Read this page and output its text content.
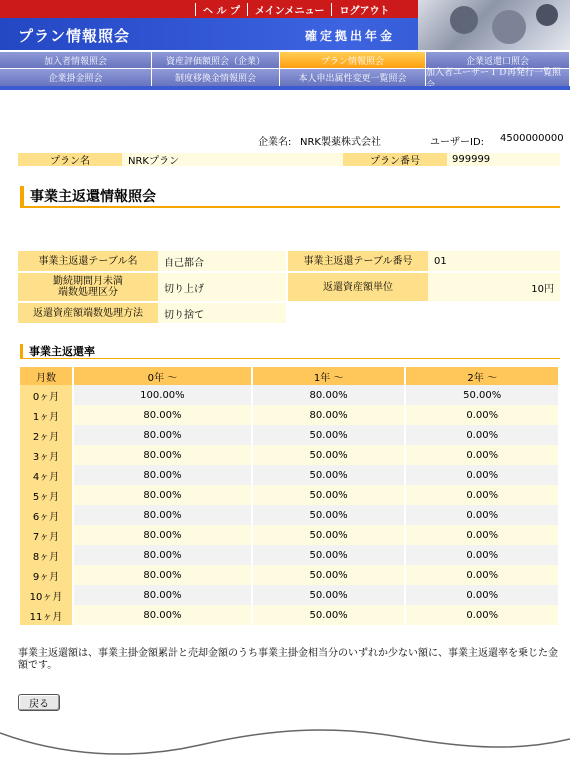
ヘ ル プ	メインメニュー	ログアウト
プラン情報照会	確定拠出年金
加入者情報照会	資産評価額照会（企業）	プラン情報照会	企業返還口照会
企業掛金照会	制度移換金情報照会	本人申出属性変更一覧照会
加入者ユーザーＩＤ再発行一覧照
企業名: NRK製薬株式会社	ユーザーID: 4500000000
プラン名	NRKプラン	プラン番号	999999
事業主返還情報照会
事業主返還テーブル名	自己都合	事業主返還テーブル番号	01
勤続期間月未満
端数処理区分	切り上げ	返還資産額単位	10円
返還資産額端数処理方法	切り捨て
事業主返還率
月数	0年 ～	1年 ～	2年 ～
0ヶ月	100.00%	80.00%	50.00%
1ヶ月	80.00%	80.00%	0.00%
2ヶ月	80.00%	50.00%	0.00%
3ヶ月	80.00%	50.00%	0.00%
4ヶ月	80.00%	50.00%	0.00%
5ヶ月	80.00%	50.00%	0.00%
6ヶ月	80.00%	50.00%	0.00%
7ヶ月	80.00%	50.00%	0.00%
8ヶ月	80.00%	50.00%	0.00%
9ヶ月	80.00%	50.00%	0.00%
10ヶ月	80.00%	50.00%	0.00%
11ヶ月	80.00%	50.00%	0.00%
事業主返還額は、事業主掛金額累計と売却金額のうち事業主掛金相当分のいずれか少ない額に、事業主返還率を乗じた金額です。
戻る
